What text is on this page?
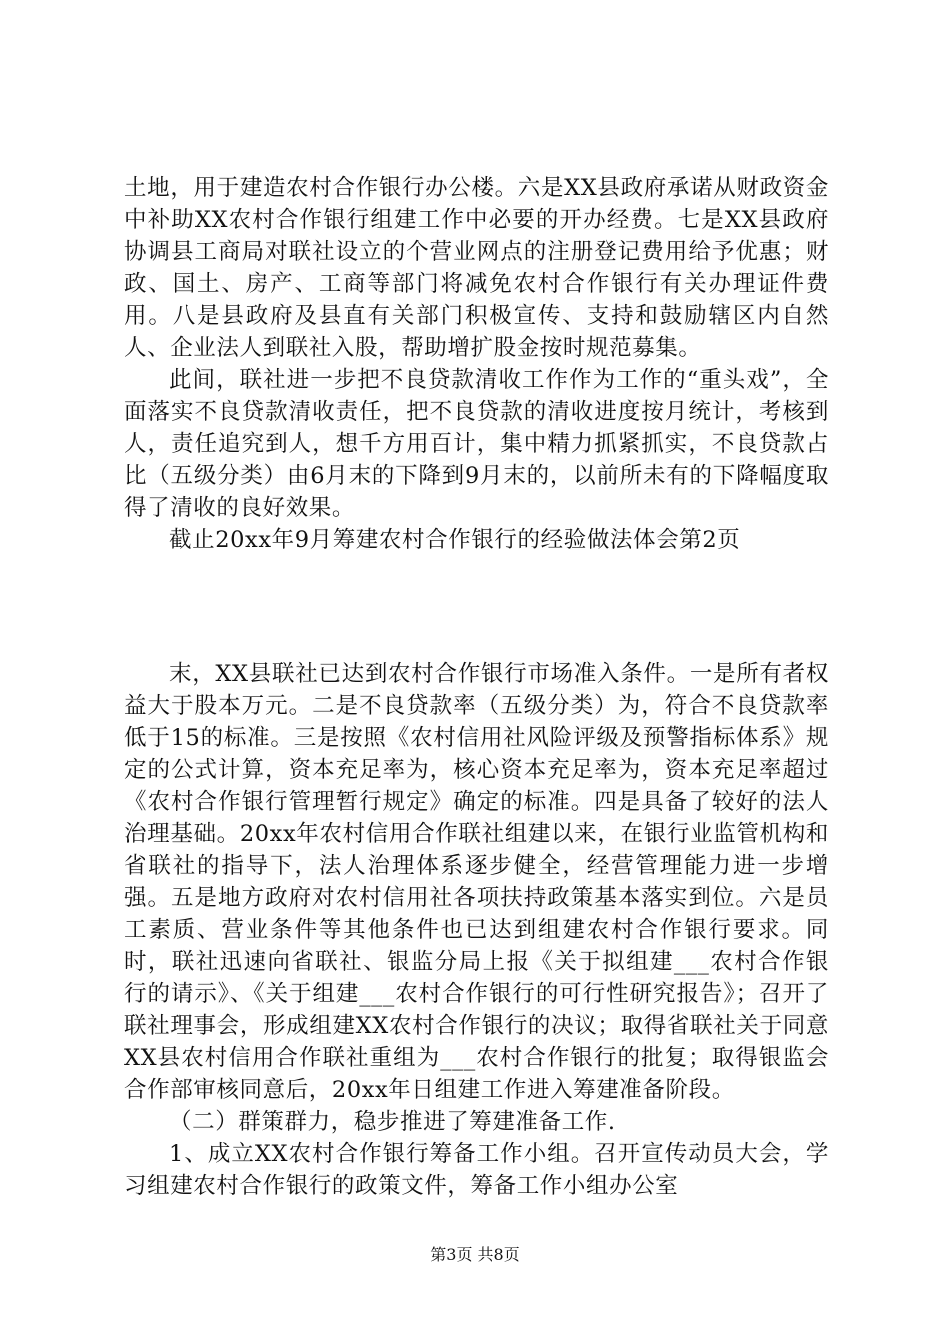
土地，用于建造农村合作银行办公楼。六是XX县政府承诺从财政资金中补助XX农村合作银行组建工作中必要的开办经费。七是XX县政府协调县工商局对联社设立的个营业网点的注册登记费用给予优惠；财政、国土、房产、工商等部门将减免农村合作银行有关办理证件费用。八是县政府及县直有关部门积极宣传、支持和鼓励辖区内自然人、企业法人到联社入股，帮助增扩股金按时规范募集。

此间，联社进一步把不良贷款清收工作作为工作的“重头戏”，全面落实不良贷款清收责任，把不良贷款的清收进度按月统计，考核到人，责任追究到人，想千方用百计，集中精力抓紧抓实，不良贷款占比（五级分类）由6月末的下降到9月末的，以前所未有的下降幅度取得了清收的良好效果。

截止20xx年9月筹建农村合作银行的经验做法体会第2页

末，XX县联社已达到农村合作银行市场准入条件。一是所有者权益大于股本万元。二是不良贷款率（五级分类）为，符合不良贷款率低于15的标准。三是按照《农村信用社风险评级及预警指标体系》规定的公式计算，资本充足率为，核心资本充足率为，资本充足率超过《农村合作银行管理暂行规定》确定的标准。四是具备了较好的法人治理基础。20xx年农村信用合作联社组建以来，在银行业监管机构和省联社的指导下，法人治理体系逐步健全，经营管理能力进一步增强。五是地方政府对农村信用社各项扶持政策基本落实到位。六是员工素质、营业条件等其他条件也已达到组建农村合作银行要求。同时，联社迅速向省联社、银监分局上报《关于拟组建___农村合作银行的请示》、《关于组建___农村合作银行的可行性研究报告》；召开了联社理事会，形成组建XX农村合作银行的决议；取得省联社关于同意XX县农村信用合作联社重组为___农村合作银行的批复；取得银监会合作部审核同意后，20xx年日组建工作进入筹建准备阶段。

（二）群策群力，稳步推进了筹建准备工作.

1、成立XX农村合作银行筹备工作小组。召开宣传动员大会，学习组建农村合作银行的政策文件，筹备工作小组办公室

第3页 共8页
